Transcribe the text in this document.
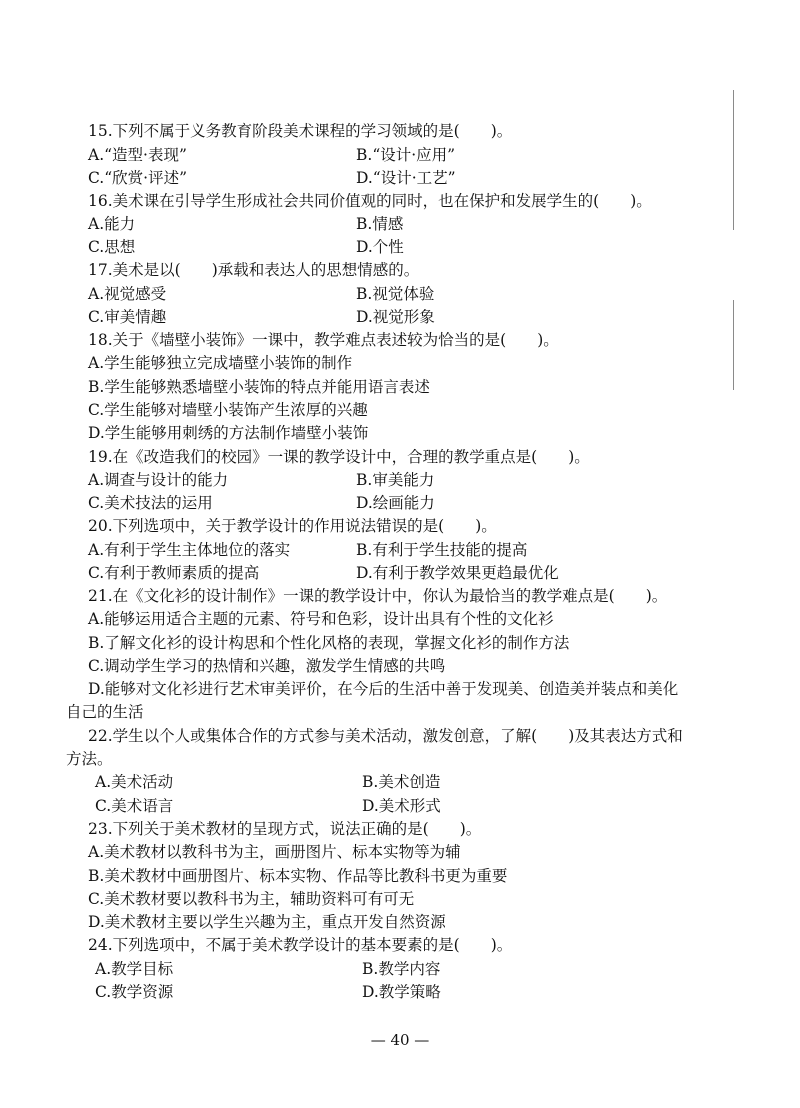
15.下列不属于义务教育阶段美术课程的学习领域的是(　　)。
A.“造型·表现”	B.“设计·应用”
C.“欣赏·评述”	D.“设计·工艺”
16.美术课在引导学生形成社会共同价值观的同时，也在保护和发展学生的(　　)。
A.能力	B.情感
C.思想	D.个性
17.美术是以(　　)承载和表达人的思想情感的。
A.视觉感受	B.视觉体验
C.审美情趣	D.视觉形象
18.关于《墙壁小装饰》一课中，教学难点表述较为恰当的是(　　)。
A.学生能够独立完成墙壁小装饰的制作
B.学生能够熟悉墙壁小装饰的特点并能用语言表述
C.学生能够对墙壁小装饰产生浓厚的兴趣
D.学生能够用刺绣的方法制作墙壁小装饰
19.在《改造我们的校园》一课的教学设计中，合理的教学重点是(　　)。
A.调查与设计的能力	B.审美能力
C.美术技法的运用	D.绘画能力
20.下列选项中，关于教学设计的作用说法错误的是(　　)。
A.有利于学生主体地位的落实	B.有利于学生技能的提高
C.有利于教师素质的提高	D.有利于教学效果更趋最优化
21.在《文化衫的设计制作》一课的教学设计中，你认为最恰当的教学难点是(　　)。
A.能够运用适合主题的元素、符号和色彩，设计出具有个性的文化衫
B.了解文化衫的设计构思和个性化风格的表现，掌握文化衫的制作方法
C.调动学生学习的热情和兴趣，激发学生情感的共鸣
D.能够对文化衫进行艺术审美评价，在今后的生活中善于发现美、创造美并装点和美化
自己的生活
22.学生以个人或集体合作的方式参与美术活动，激发创意，了解(　　)及其表达方式和
方法。
A.美术活动	B.美术创造
C.美术语言	D.美术形式
23.下列关于美术教材的呈现方式，说法正确的是(　　)。
A.美术教材以教科书为主，画册图片、标本实物等为辅
B.美术教材中画册图片、标本实物、作品等比教科书更为重要
C.美术教材要以教科书为主，辅助资料可有可无
D.美术教材主要以学生兴趣为主，重点开发自然资源
24.下列选项中，不属于美术教学设计的基本要素的是(　　)。
A.教学目标	B.教学内容
C.教学资源	D.教学策略
— 40 —
